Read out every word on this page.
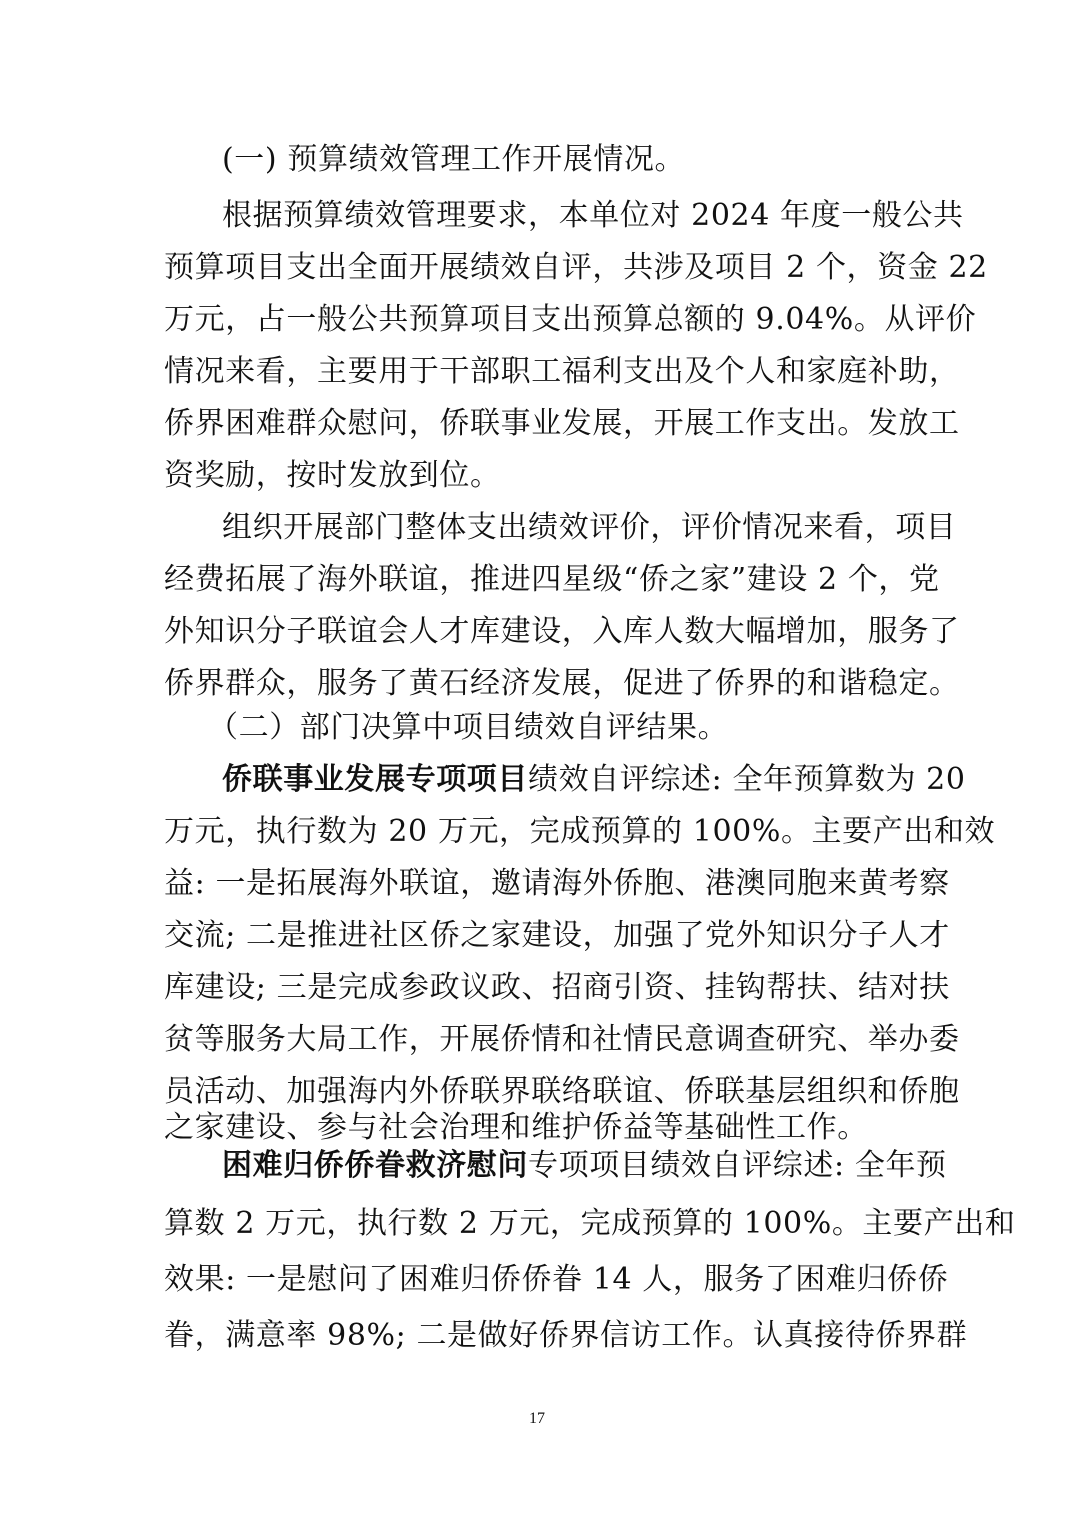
(一) 预算绩效管理工作开展情况。
根据预算绩效管理要求，本单位对 2024 年度一般公共
预算项目支出全面开展绩效自评，共涉及项目 2 个，资金 22
万元，占一般公共预算项目支出预算总额的 9.04%。从评价
情况来看，主要用于干部职工福利支出及个人和家庭补助，
侨界困难群众慰问，侨联事业发展，开展工作支出。发放工
资奖励，按时发放到位。
组织开展部门整体支出绩效评价，评价情况来看，项目
经费拓展了海外联谊，推进四星级“侨之家”建设 2 个，党
外知识分子联谊会人才库建设，入库人数大幅增加，服务了
侨界群众，服务了黄石经济发展，促进了侨界的和谐稳定。
（二）部门决算中项目绩效自评结果。
侨联事业发展专项项目绩效自评综述: 全年预算数为 20
万元，执行数为 20 万元，完成预算的 100%。主要产出和效
益: 一是拓展海外联谊，邀请海外侨胞、港澳同胞来黄考察
交流; 二是推进社区侨之家建设，加强了党外知识分子人才
库建设; 三是完成参政议政、招商引资、挂钩帮扶、结对扶
贫等服务大局工作，开展侨情和社情民意调查研究、举办委
员活动、加强海内外侨联界联络联谊、侨联基层组织和侨胞
之家建设、参与社会治理和维护侨益等基础性工作。
困难归侨侨眷救济慰问专项项目绩效自评综述: 全年预
算数 2 万元，执行数 2 万元，完成预算的 100%。主要产出和
效果: 一是慰问了困难归侨侨眷 14 人，服务了困难归侨侨
眷，满意率 98%; 二是做好侨界信访工作。认真接待侨界群
17
